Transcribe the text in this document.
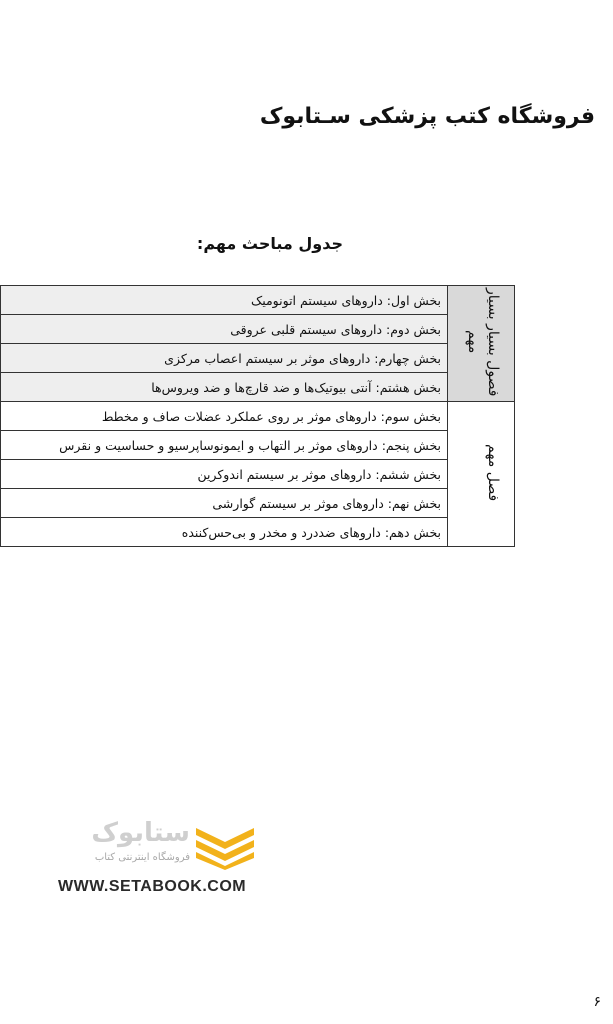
فروشگاه کتب پزشکی سـتابوک
جدول مباحث مهم:
فصول بسیار بسیار مهم	بخش اول: داروهای سیستم اتونومیک
	بخش دوم: داروهای سیستم قلبی عروقی
	بخش چهارم: داروهای موثر بر سیستم اعصاب مرکزی
	بخش هشتم: آنتی بیوتیک‌ها و ضد قارچ‌ها و ضد ویروس‌ها
فصل مهم	بخش سوم: داروهای موثر بر روی عملکرد عضلات صاف و مخطط
	بخش پنجم: داروهای موثر بر التهاب و ایمونوساپرسیو و حساسیت و نقرس
	بخش ششم: داروهای موثر بر سیستم اندوکرین
	بخش نهم: داروهای موثر بر سیستم گوارشی
	بخش دهم: داروهای ضددرد و مخدر و بی‌حس‌کننده
ستابوک
فروشگاه اینترنتی کتاب
WWW.SETABOOK.COM
۶
